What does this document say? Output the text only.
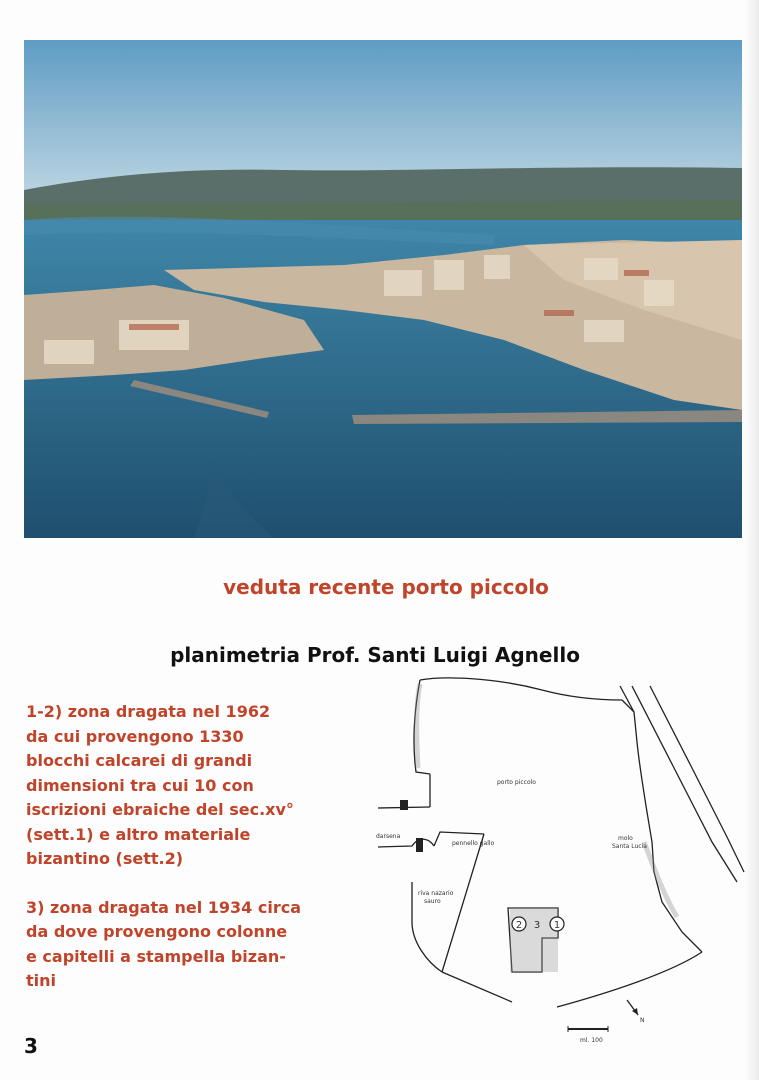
veduta recente porto piccolo
planimetria Prof. Santi Luigi Agnello

1-2) zona dragata nel 1962
da cui provengono 1330
blocchi calcarei di grandi
dimensioni tra cui 10 con
iscrizioni ebraiche del sec.xv°
(sett.1) e altro materiale
bizantino (sett.2)

3) zona dragata nel 1934 circa
da dove provengono colonne
e capitelli a stampella bizan-
tini

2 3 1
porto piccolo
darsena
pennello gallo
riva nazario
sauro
molo
Santa Lucia
N
ml. 100
3
